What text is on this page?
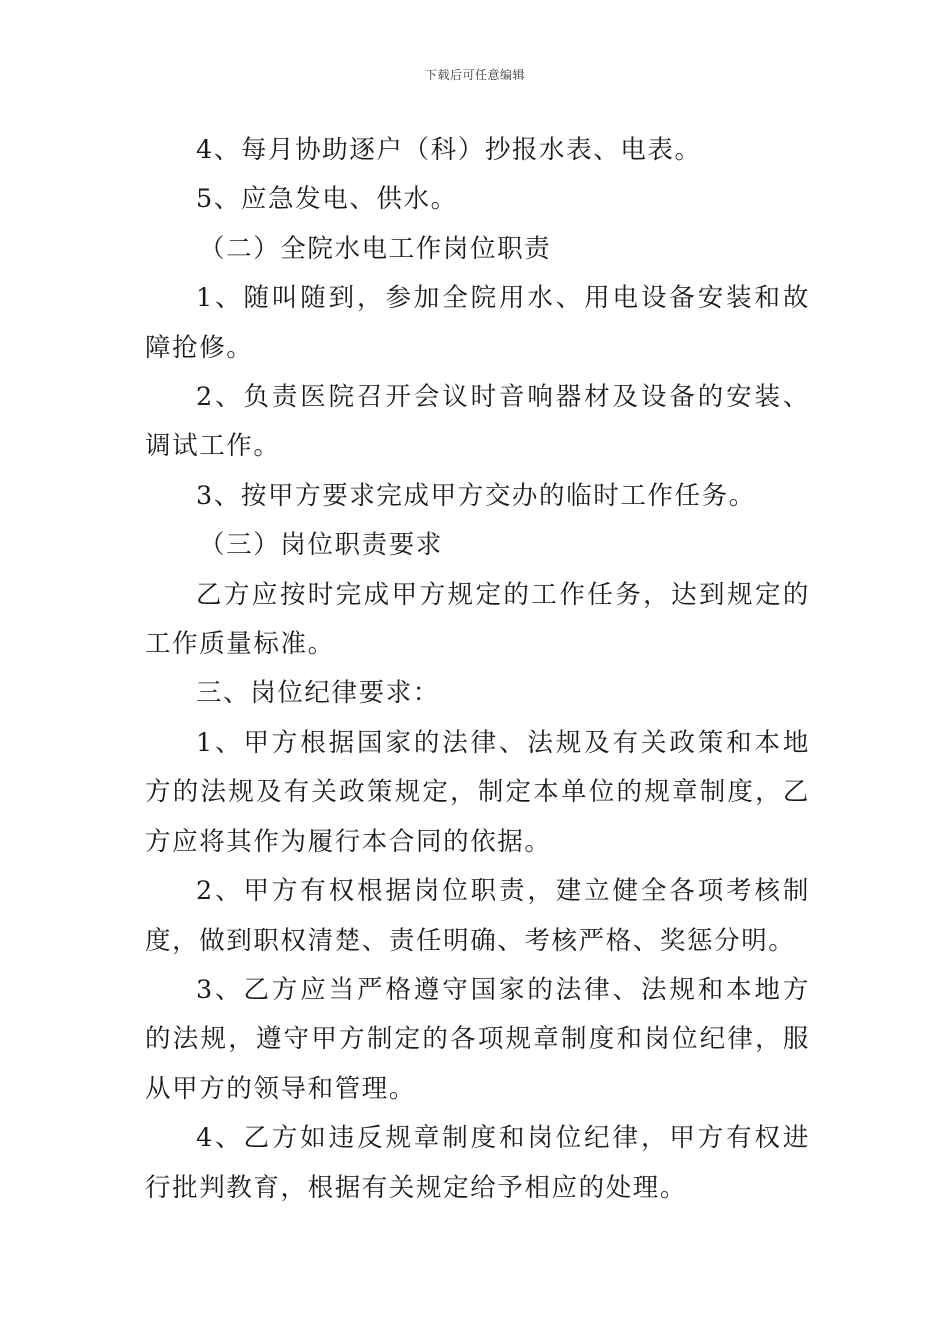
下载后可任意编辑

4、每月协助逐户（科）抄报水表、电表。

5、应急发电、供水。

（二）全院水电工作岗位职责

1、随叫随到，参加全院用水、用电设备安装和故障抢修。

2、负责医院召开会议时音响器材及设备的安装、调试工作。

3、按甲方要求完成甲方交办的临时工作任务。

（三）岗位职责要求

乙方应按时完成甲方规定的工作任务，达到规定的工作质量标准。

三、岗位纪律要求：

1、甲方根据国家的法律、法规及有关政策和本地方的法规及有关政策规定，制定本单位的规章制度，乙方应将其作为履行本合同的依据。

2、甲方有权根据岗位职责，建立健全各项考核制度，做到职权清楚、责任明确、考核严格、奖惩分明。

3、乙方应当严格遵守国家的法律、法规和本地方的法规，遵守甲方制定的各项规章制度和岗位纪律，服从甲方的领导和管理。

4、乙方如违反规章制度和岗位纪律，甲方有权进行批判教育，根据有关规定给予相应的处理。
